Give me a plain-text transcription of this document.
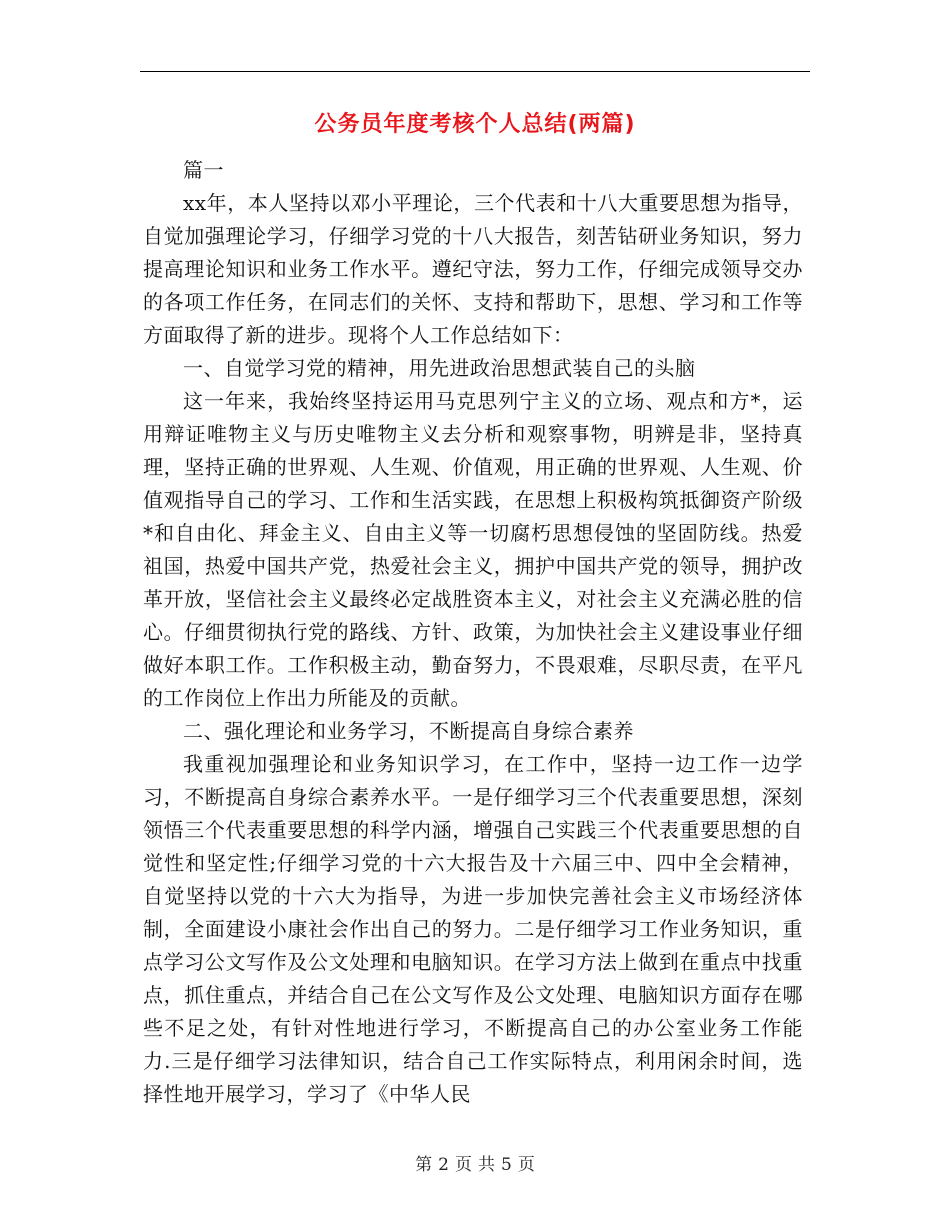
公务员年度考核个人总结(两篇)

篇一

xx年，本人坚持以邓小平理论，三个代表和十八大重要思想为指导，自觉加强理论学习，仔细学习党的十八大报告，刻苦钻研业务知识，努力提高理论知识和业务工作水平。遵纪守法，努力工作，仔细完成领导交办的各项工作任务，在同志们的关怀、支持和帮助下，思想、学习和工作等方面取得了新的进步。现将个人工作总结如下：

一、自觉学习党的精神，用先进政治思想武装自己的头脑

这一年来，我始终坚持运用马克思列宁主义的立场、观点和方*，运用辩证唯物主义与历史唯物主义去分析和观察事物，明辨是非，坚持真理，坚持正确的世界观、人生观、价值观，用正确的世界观、人生观、价值观指导自己的学习、工作和生活实践，在思想上积极构筑抵御资产阶级*和自由化、拜金主义、自由主义等一切腐朽思想侵蚀的坚固防线。热爱祖国，热爱中国共产党，热爱社会主义，拥护中国共产党的领导，拥护改革开放，坚信社会主义最终必定战胜资本主义，对社会主义充满必胜的信心。仔细贯彻执行党的路线、方针、政策，为加快社会主义建设事业仔细做好本职工作。工作积极主动，勤奋努力，不畏艰难，尽职尽责，在平凡的工作岗位上作出力所能及的贡献。

二、强化理论和业务学习，不断提高自身综合素养

我重视加强理论和业务知识学习，在工作中，坚持一边工作一边学习，不断提高自身综合素养水平。一是仔细学习三个代表重要思想，深刻领悟三个代表重要思想的科学内涵，增强自己实践三个代表重要思想的自觉性和坚定性;仔细学习党的十六大报告及十六届三中、四中全会精神，自觉坚持以党的十六大为指导，为进一步加快完善社会主义市场经济体制，全面建设小康社会作出自己的努力。二是仔细学习工作业务知识，重点学习公文写作及公文处理和电脑知识。在学习方法上做到在重点中找重点，抓住重点，并结合自己在公文写作及公文处理、电脑知识方面存在哪些不足之处，有针对性地进行学习，不断提高自己的办公室业务工作能力.三是仔细学习法律知识，结合自己工作实际特点，利用闲余时间，选择性地开展学习，学习了《中华人民

第 2 页 共 5 页
